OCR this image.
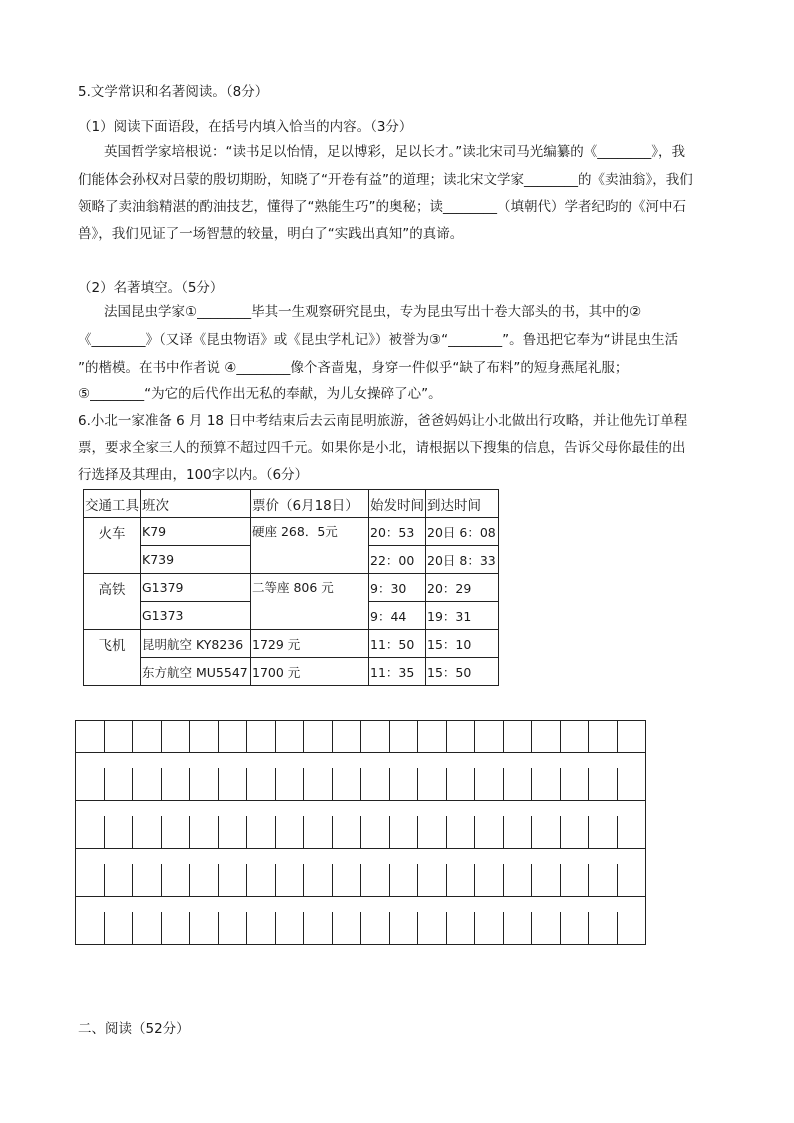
5.文学常识和名著阅读。（8分）
（1）阅读下面语段，在括号内填入恰当的内容。（3分）
英国哲学家培根说：“读书足以怡情，足以博彩，足以长才。”读北宋司马光编纂的《________》，我
们能体会孙权对吕蒙的殷切期盼，知晓了“开卷有益”的道理；读北宋文学家________的《卖油翁》，我们
领略了卖油翁精湛的酌油技艺，懂得了“熟能生巧”的奥秘；读________（填朝代）学者纪昀的《河中石
兽》，我们见证了一场智慧的较量，明白了“实践出真知”的真谛。
（2）名著填空。（5分）
法国昆虫学家①________毕其一生观察研究昆虫，专为昆虫写出十卷大部头的书，其中的②
《________》（又译《昆虫物语》或《昆虫学札记》）被誉为③“________”。鲁迅把它奉为“讲昆虫生活
”的楷模。在书中作者说 ④________像个吝啬鬼，身穿一件似乎“缺了布料”的短身燕尾礼服；
⑤________“为它的后代作出无私的奉献，为儿女操碎了心”。
6.小北一家准备 6 月 18 日中考结束后去云南昆明旅游，爸爸妈妈让小北做出行攻略，并让他先订单程
票，要求全家三人的预算不超过四千元。如果你是小北，请根据以下搜集的信息，告诉父母你最佳的出
行选择及其理由，100字以内。（6分）
交通工具	班次	票价（6月18日）	始发时间	到达时间
火车	K79	硬座 268．5元	20：53	20日 6：08
	K739		22：00	20日 8：33
高铁	G1379	二等座 806 元	9：30	20：29
	G1373		9：44	19：31
飞机	昆明航空 KY8236	1729 元	11：50	15：10
	东方航空 MU5547	1700 元	11：35	15：50
二、阅读（52分）
